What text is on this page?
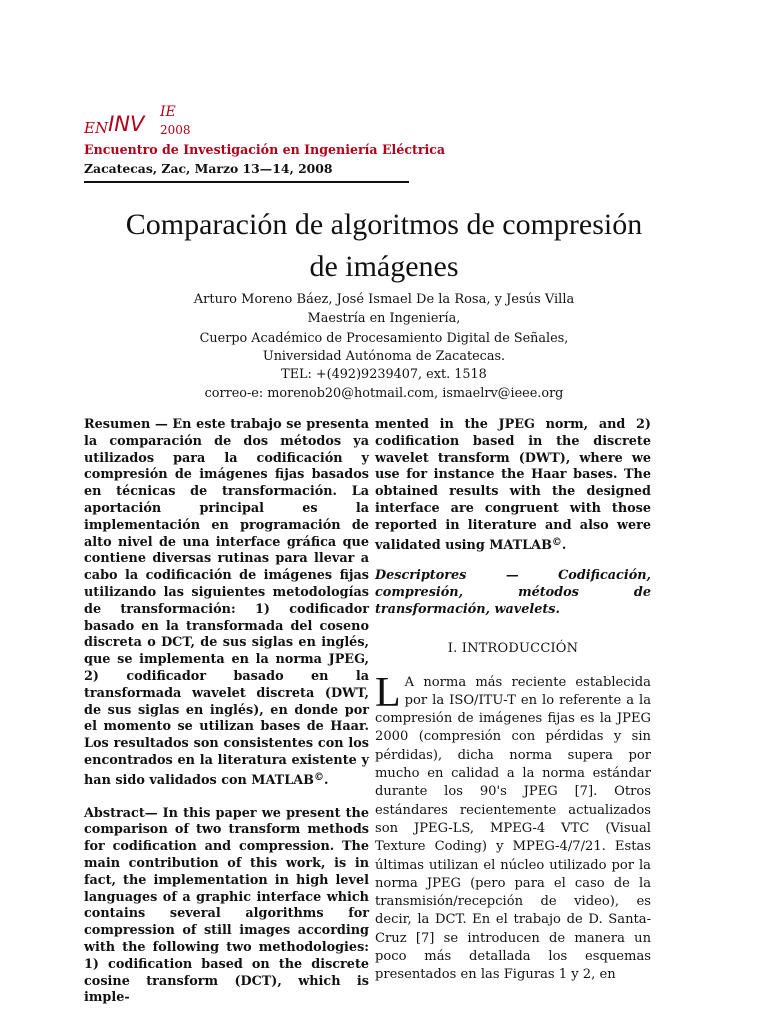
ENINV IE
2008
Encuentro de Investigación en Ingeniería Eléctrica
Zacatecas, Zac, Marzo 13—14, 2008
Comparación de algoritmos de compresión
de imágenes
Arturo Moreno Báez, José Ismael De la Rosa, y Jesús Villa
Maestría en Ingeniería,
Cuerpo Académico de Procesamiento Digital de Señales,
Universidad Autónoma de Zacatecas.
TEL: +(492)9239407, ext. 1518
correo-e: morenob20@hotmail.com, ismaelrv@ieee.org
Resumen — En este trabajo se presenta la comparación de dos métodos ya utilizados para la codificación y compresión de imágenes fijas basados en técnicas de transformación. La aportación principal es la implementación en programación de alto nivel de una interface gráfica que contiene diversas rutinas para llevar a cabo la codificación de imágenes fijas utilizando las siguientes metodologías de transformación: 1) codificador basado en la transformada del coseno discreta o DCT, de sus siglas en inglés, que se implementa en la norma JPEG, 2) codificador basado en la transformada wavelet discreta (DWT, de sus siglas en inglés), en donde por el momento se utilizan bases de Haar. Los resultados son consistentes con los encontrados en la literatura existente y han sido validados con MATLAB©.
Abstract— In this paper we present the comparison of two transform methods for codification and compression. The main contribution of this work, is in fact, the implementation in high level languages of a graphic interface which contains several algorithms for compression of still images according with the following two methodologies: 1) codification based on the discrete cosine transform (DCT), which is imple-
mented in the JPEG norm, and 2) codification based in the discrete wavelet transform (DWT), where we use for instance the Haar bases. The obtained results with the designed interface are congruent with those reported in literature and also were validated using MATLAB©.
Descriptores — Codificación, compresión, métodos de transformación, wavelets.
I. INTRODUCCIÓN
L A norma más reciente establecida por la ISO/ITU-T en lo referente a la compresión de imágenes fijas es la JPEG 2000 (compresión con pérdidas y sin pérdidas), dicha norma supera por mucho en calidad a la norma estándar durante los 90's JPEG [7]. Otros estándares recientemente actualizados son JPEG-LS, MPEG-4 VTC (Visual Texture Coding) y MPEG-4/7/21. Estas últimas utilizan el núcleo utilizado por la norma JPEG (pero para el caso de la transmisión/recepción de video), es decir, la DCT. En el trabajo de D. Santa-Cruz [7] se introducen de manera un poco más detallada los esquemas presentados en las Figuras 1 y 2, en
